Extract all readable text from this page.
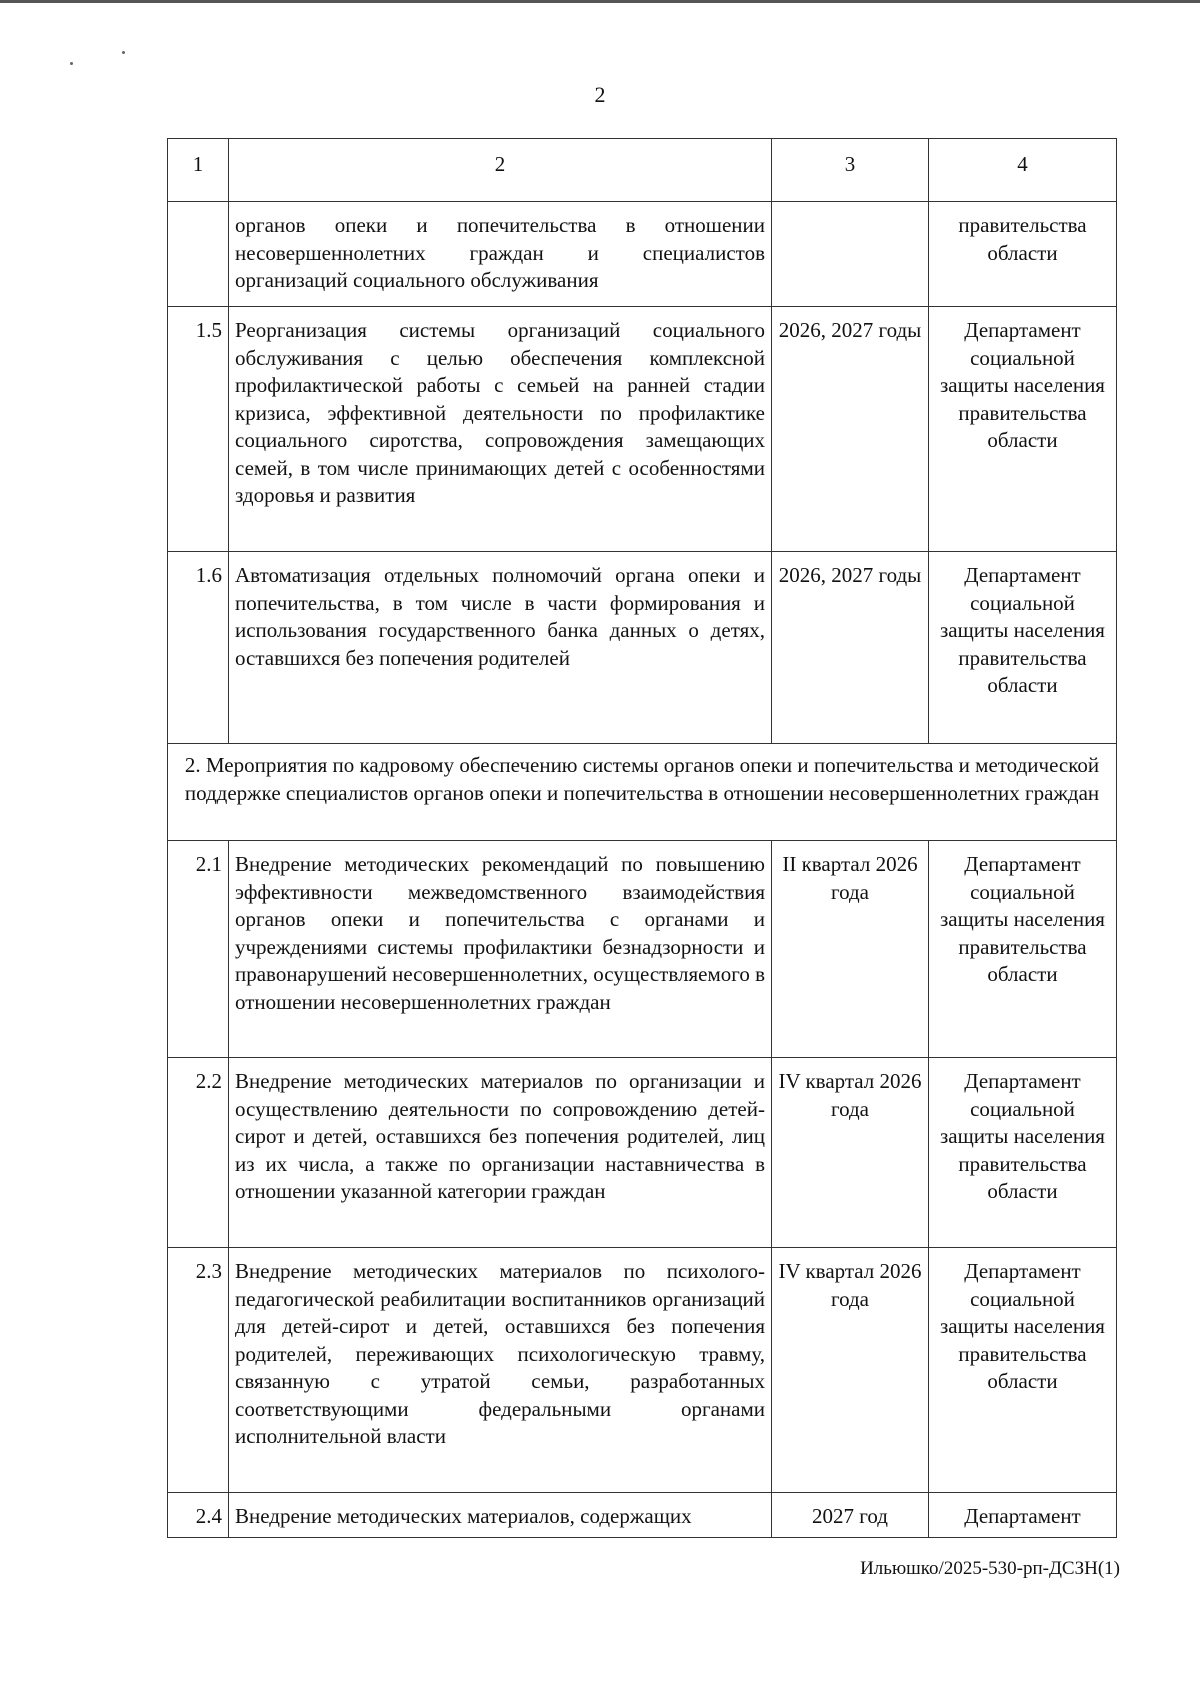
2
1	2	3	4
	органов опеки и попечительства в отношении несовершеннолетних граждан и специалистов организаций социального обслуживания		правительства области
1.5	Реорганизация системы организаций социального обслуживания с целью обеспечения комплексной профилактической работы с семьей на ранней стадии кризиса, эффективной деятельности по профилактике социального сиротства, сопровождения замещающих семей, в том числе принимающих детей с особенностями здоровья и развития	2026, 2027 годы	Департамент социальной защиты населения правительства области
1.6	Автоматизация отдельных полномочий органа опеки и попечительства, в том числе в части формирования и использования государственного банка данных о детях, оставшихся без попечения родителей	2026, 2027 годы	Департамент социальной защиты населения правительства области
2. Мероприятия по кадровому обеспечению системы органов опеки и попечительства и методической поддержке специалистов органов опеки и попечительства в отношении несовершеннолетних граждан			
2.1	Внедрение методических рекомендаций по повышению эффективности межведомственного взаимодействия органов опеки и попечительства с органами и учреждениями системы профилактики безнадзорности и правонарушений несовершеннолетних, осуществляемого в отношении несовершеннолетних граждан	II квартал 2026 года	Департамент социальной защиты населения правительства области
2.2	Внедрение методических материалов по организации и осуществлению деятельности по сопровождению детей-сирот и детей, оставшихся без попечения родителей, лиц из их числа, а также по организации наставничества в отношении указанной категории граждан	IV квартал 2026 года	Департамент социальной защиты населения правительства области
2.3	Внедрение методических материалов по психолого-педагогической реабилитации воспитанников организаций для детей-сирот и детей, оставшихся без попечения родителей, переживающих психологическую травму, связанную с утратой семьи, разработанных соответствующими федеральными органами исполнительной власти	IV квартал 2026 года	Департамент социальной защиты населения правительства области
2.4	Внедрение методических материалов, содержащих	2027 год	Департамент
Ильюшко/2025-530-рп-ДСЗН(1)
